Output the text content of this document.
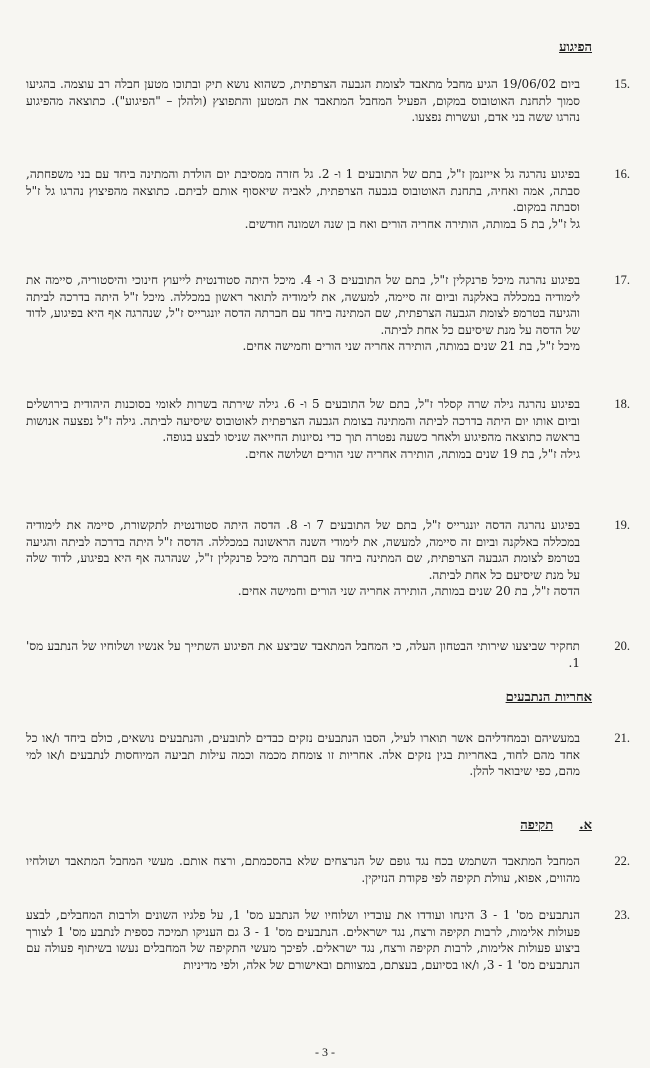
הפיגוע
15.
ביום 19/06/02 הגיע מחבל מתאבד לצומת הגבעה הצרפתית, כשהוא נושא תיק ובתוכו מטען חבלה רב עוצמה. בהגיעו סמוך לתחנת האוטובוס במקום, הפעיל המחבל המתאבד את המטען והתפוצץ (ולהלן – "הפיגוע"). כתוצאה מהפיגוע נהרגו ששה בני אדם, ועשרות נפצעו.
16.
בפיגוע נהרגה גל אייזנמן ז"ל, בתם של התובעים 1 ו- 2. גל חזרה ממסיבת יום הולדת והמתינה ביחד עם בני משפחתה, סבתה, אמה ואחיה, בתחנת האוטובוס בגבעה הצרפתית, לאביה שיאסוף אותם לביתם. כתוצאה מהפיצוץ נהרגו גל ז"ל וסבתה במקום.
גל ז"ל, בת 5 במותה, הותירה אחריה הורים ואח בן שנה ושמונה חודשים.
17.
בפיגוע נהרגה מיכל פרנקלין ז"ל, בתם של התובעים 3 ו- 4. מיכל היתה סטודנטית לייעוץ חינוכי והיסטוריה, סיימה את לימודיה במכללה באלקנה וביום זה סיימה, למעשה, את לימודיה לתואר ראשון במכללה. מיכל ז"ל היתה בדרכה לביתה והגיעה בטרמפ לצומת הגבעה הצרפתית, שם המתינה ביחד עם חברתה הדסה יונגרייס ז"ל, שנהרגה אף היא בפיגוע, לדוד של הדסה על מנת שיסיעם כל אחת לביתה.
מיכל ז"ל, בת 21 שנים במותה, הותירה אחריה שני הורים וחמישה אחים.
18.
בפיגוע נהרגה גילה שרה קסלר ז"ל, בתם של התובעים 5 ו- 6. גילה שירתה בשרות לאומי בסוכנות היהודית בירושלים וביום אותו יום היתה בדרכה לביתה והמתינה בצומת הגבעה הצרפתית לאוטובוס שיסיעה לביתה. גילה ז"ל נפצעה אנושות בראשה כתוצאה מהפיגוע ולאחר כשעה נפטרה תוך כדי נסיונות החייאה שניסו לבצע בגופה.
גילה ז"ל, בת 19 שנים במותה, הותירה אחריה שני הורים ושלושה אחים.
19.
בפיגוע נהרגה הדסה יונגרייס ז"ל, בתם של התובעים 7 ו- 8. הדסה היתה סטודנטית לתקשורת, סיימה את לימודיה במכללה באלקנה וביום זה סיימה, למעשה, את לימודי השנה הראשונה במכללה. הדסה ז"ל היתה בדרכה לביתה והגיעה בטרמפ לצומת הגבעה הצרפתית, שם המתינה ביחד עם חברתה מיכל פרנקלין ז"ל, שנהרגה אף היא בפיגוע, לדוד שלה על מנת שיסיעם כל אחת לביתה.
הדסה ז"ל, בת 20 שנים במותה, הותירה אחריה שני הורים וחמישה אחים.
20.
תחקיר שביצעו שירותי הבטחון העלה, כי המחבל המתאבד שביצע את הפיגוע השתייך על אנשיו ושלוחיו של הנתבע מס' 1.
אחריות הנתבעים
21.
במעשיהם ובמחדליהם אשר תוארו לעיל, הסבו הנתבעים נזקים כבדים לתובעים, והנתבעים נושאים, כולם ביחד ו/או כל אחד מהם לחוד, באחריות בגין נזקים אלה. אחריות זו צומחת מכמה וכמה עילות תביעה המיוחסות לנתבעים ו/או למי מהם, כפי שיבואר להלן.
א.תקיפה
22.
המחבל המתאבד השתמש בכח נגד גופם של הנרצחים שלא בהסכמתם, ורצח אותם. מעשי המחבל המתאבד ושולחיו מהווים, אפוא, עוולת תקיפה לפי פקודת הנזיקין.
23.
הנתבעים מס' 1 - 3 הינחו ועודדו את עובדיו ושלוחיו של הנתבע מס' 1, על פלגיו השונים ולרבות המחבלים, לבצע פעולות אלימות, לרבות תקיפה ורצח, נגד ישראלים. הנתבעים מס' 1 - 3 גם העניקו תמיכה כספית לנתבע מס' 1 לצורך ביצוע פעולות אלימות, לרבות תקיפה ורצח, נגד ישראלים. לפיכך מעשי התקיפה של המחבלים נעשו בשיתוף פעולה עם הנתבעים מס' 1 - 3, ו/או בסיועם, בעצתם, במצוותם ובאישורם של אלה, ולפי מדיניות
- 3 -
